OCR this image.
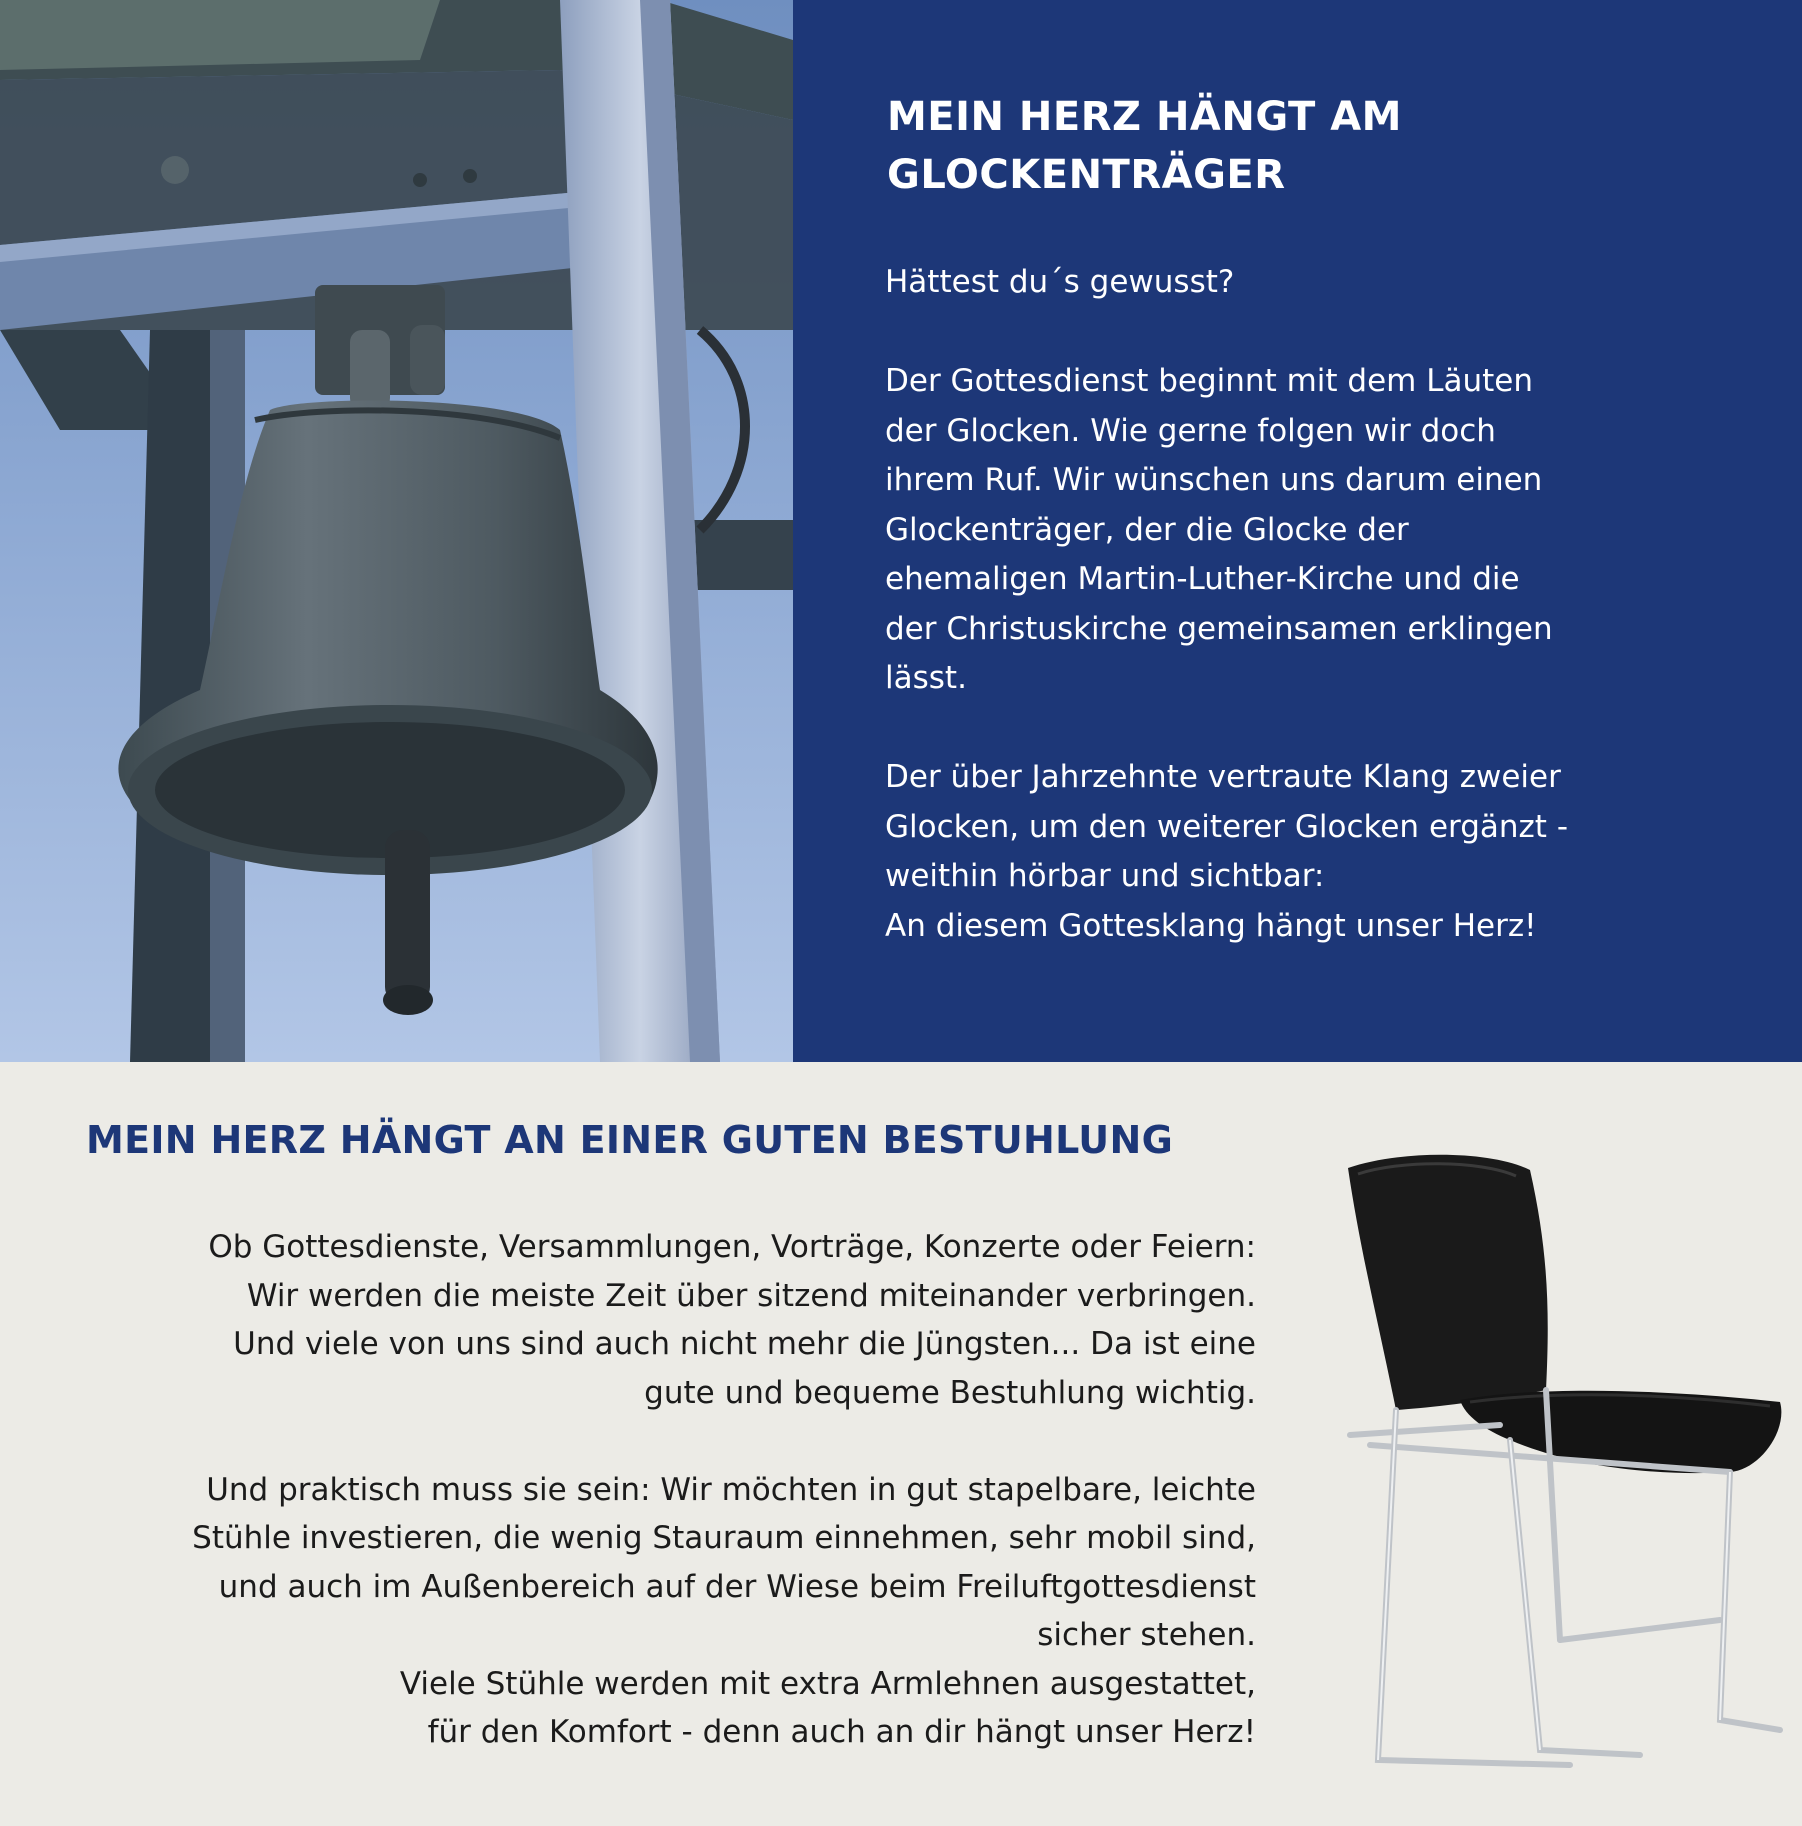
MEIN HERZ HÄNGT AM GLOCKENTRÄGER

Hättest du´s gewusst?

Der Gottesdienst beginnt mit dem Läuten
der Glocken. Wie gerne folgen wir doch
ihrem Ruf. Wir wünschen uns darum einen
Glockenträger, der die Glocke der
ehemaligen Martin-Luther-Kirche und die
der Christuskirche gemeinsamen erklingen
lässt.

Der über Jahrzehnte vertraute Klang zweier
Glocken, um den weiterer Glocken ergänzt -
weithin hörbar und sichtbar:
An diesem Gottesklang hängt unser Herz!

MEIN HERZ HÄNGT AN EINER GUTEN BESTUHLUNG

Ob Gottesdienste, Versammlungen, Vorträge, Konzerte oder Feiern:
Wir werden die meiste Zeit über sitzend miteinander verbringen.
Und viele von uns sind auch nicht mehr die Jüngsten... Da ist eine
gute und bequeme Bestuhlung wichtig.

Und praktisch muss sie sein: Wir möchten in gut stapelbare, leichte
Stühle investieren, die wenig Stauraum einnehmen, sehr mobil sind,
und auch im Außenbereich auf der Wiese beim Freiluftgottesdienst
sicher stehen.

Viele Stühle werden mit extra Armlehnen ausgestattet,
für den Komfort - denn auch an dir hängt unser Herz!
